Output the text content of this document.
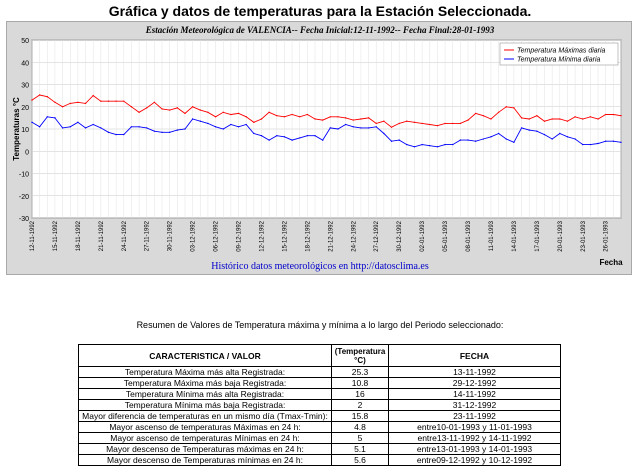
Gráfica y datos de temperaturas para la Estación Seleccionada.
Estación Meteorológica de VALENCIA-- Fecha Inicial:12-11-1992-- Fecha Final:28-01-1993
50
40
30
20
10
0
-10
-20
-30
12-11-1992	15-11-1992	18-11-1992	21-11-1992	24-11-1992	27-11-1992	30-11-1992	03-12-1992	06-12-1992	09-12-1992	12-12-1992	15-12-1992	18-12-1992	21-12-1992	24-12-1992	27-12-1992	30-12-1992	02-01-1993	05-01-1993	08-01-1993	11-01-1993	14-01-1993	17-01-1993	20-01-1993	23-01-1993	26-01-1993
Temperaturas °C
Fecha
Histórico datos meteorológicos en http://datosclima.es
Temperatura Máximas diaria
Temperatura Mínima diaria
Resumen de Valores de Temperatura máxima y mínima a lo largo del Periodo seleccionado:
CARACTERISTICA / VALOR	(Temperatura °C)	FECHA
Temperatura Máxima más alta Registrada:	25.3	13-11-1992
Temperatura Máxima más baja Registrada:	10.8	29-12-1992
Temperatura Mínima más alta Registrada:	16	14-11-1992
Temperatura Mínima más baja Registrada:	2	31-12-1992
Mayor diferencia de temperaturas en un mismo día (Tmax-Tmin):	15.8	23-11-1992
Mayor ascenso de temperaturas Máximas en 24 h:	4.8	entre10-01-1993 y 11-01-1993
Mayor ascenso de temperaturas Mínimas en 24 h:	5	entre13-11-1992 y 14-11-1992
Mayor descenso de Temperaturas máximas en 24 h:	5.1	entre13-01-1993 y 14-01-1993
Mayor descenso de Temperaturas mínimas en 24 h:	5.6	entre09-12-1992 y 10-12-1992
